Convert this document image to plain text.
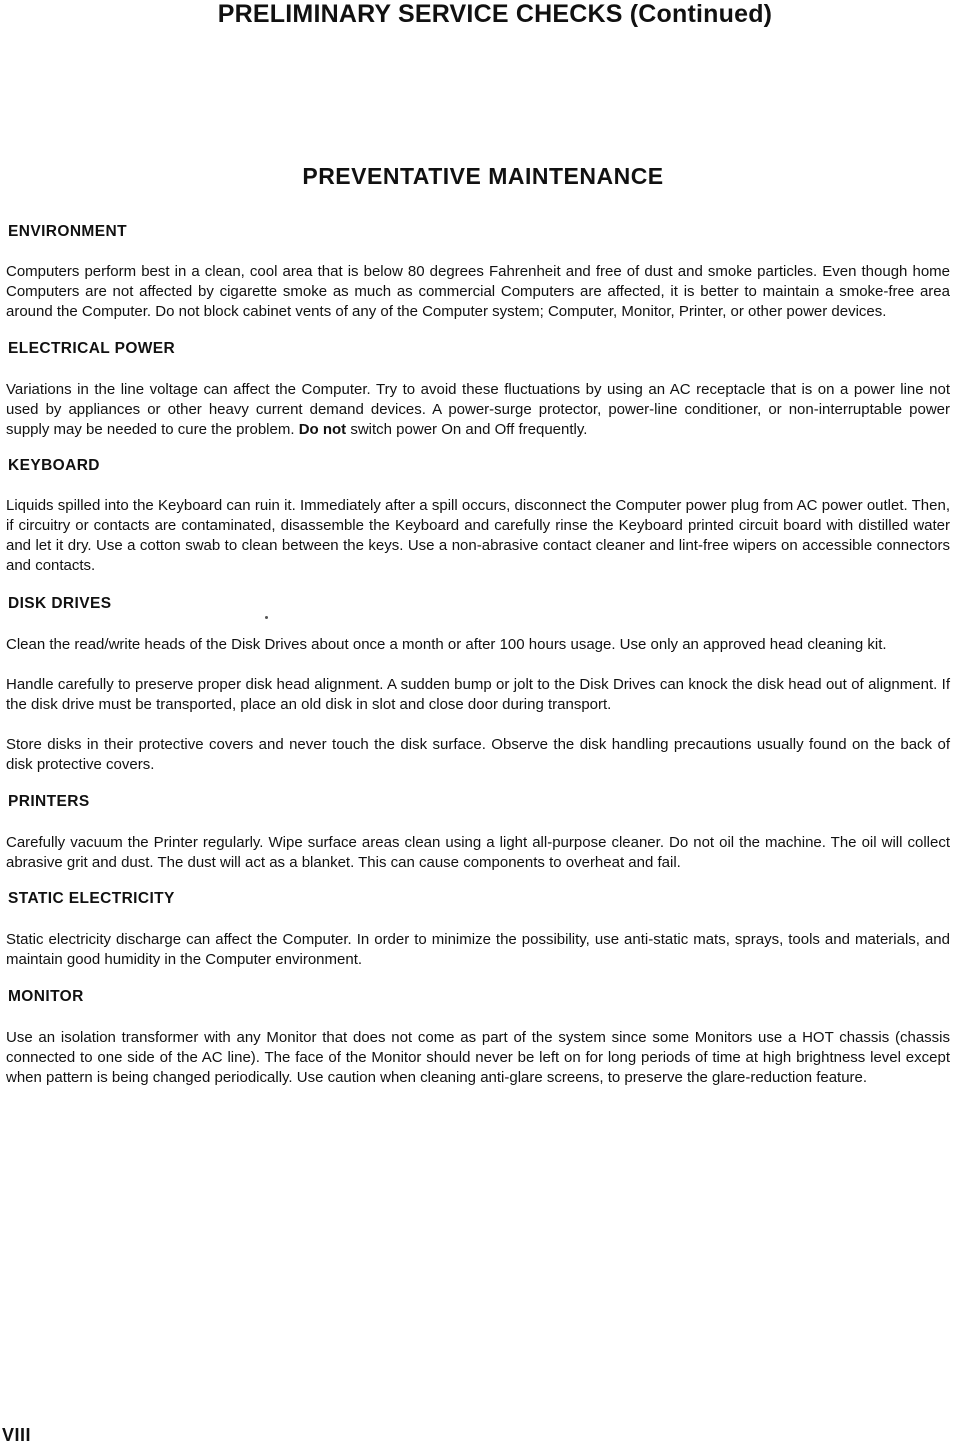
PRELIMINARY SERVICE CHECKS (Continued)
PREVENTATIVE MAINTENANCE

ENVIRONMENT

Computers perform best in a clean, cool area that is below 80 degrees Fahrenheit and free of dust and smoke particles. Even though home Computers are not affected by cigarette smoke as much as commercial Computers are affected, it is better to maintain a smoke-free area around the Computer. Do not block cabinet vents of any of the Computer system; Computer, Monitor, Printer, or other power devices.

ELECTRICAL POWER

Variations in the line voltage can affect the Computer. Try to avoid these fluctuations by using an AC receptacle that is on a power line not used by appliances or other heavy current demand devices. A power-surge protector, power-line conditioner, or non-interruptable power supply may be needed to cure the problem. Do not switch power On and Off frequently.

KEYBOARD

Liquids spilled into the Keyboard can ruin it. Immediately after a spill occurs, disconnect the Computer power plug from AC power outlet. Then, if circuitry or contacts are contaminated, disassemble the Keyboard and carefully rinse the Keyboard printed circuit board with distilled water and let it dry. Use a cotton swab to clean between the keys. Use a non-abrasive contact cleaner and lint-free wipers on accessible connectors and contacts.

DISK DRIVES

Clean the read/write heads of the Disk Drives about once a month or after 100 hours usage. Use only an approved head cleaning kit.

Handle carefully to preserve proper disk head alignment. A sudden bump or jolt to the Disk Drives can knock the disk head out of alignment. If the disk drive must be transported, place an old disk in slot and close door during transport.

Store disks in their protective covers and never touch the disk surface. Observe the disk handling precautions usually found on the back of disk protective covers.

PRINTERS

Carefully vacuum the Printer regularly. Wipe surface areas clean using a light all-purpose cleaner. Do not oil the machine. The oil will collect abrasive grit and dust. The dust will act as a blanket. This can cause components to overheat and fail.

STATIC ELECTRICITY

Static electricity discharge can affect the Computer. In order to minimize the possibility, use anti-static mats, sprays, tools and materials, and maintain good humidity in the Computer environment.

MONITOR

Use an isolation transformer with any Monitor that does not come as part of the system since some Monitors use a HOT chassis (chassis connected to one side of the AC line). The face of the Monitor should never be left on for long periods of time at high brightness level except when pattern is being changed periodically. Use caution when cleaning anti-glare screens, to preserve the glare-reduction feature.

VIII
